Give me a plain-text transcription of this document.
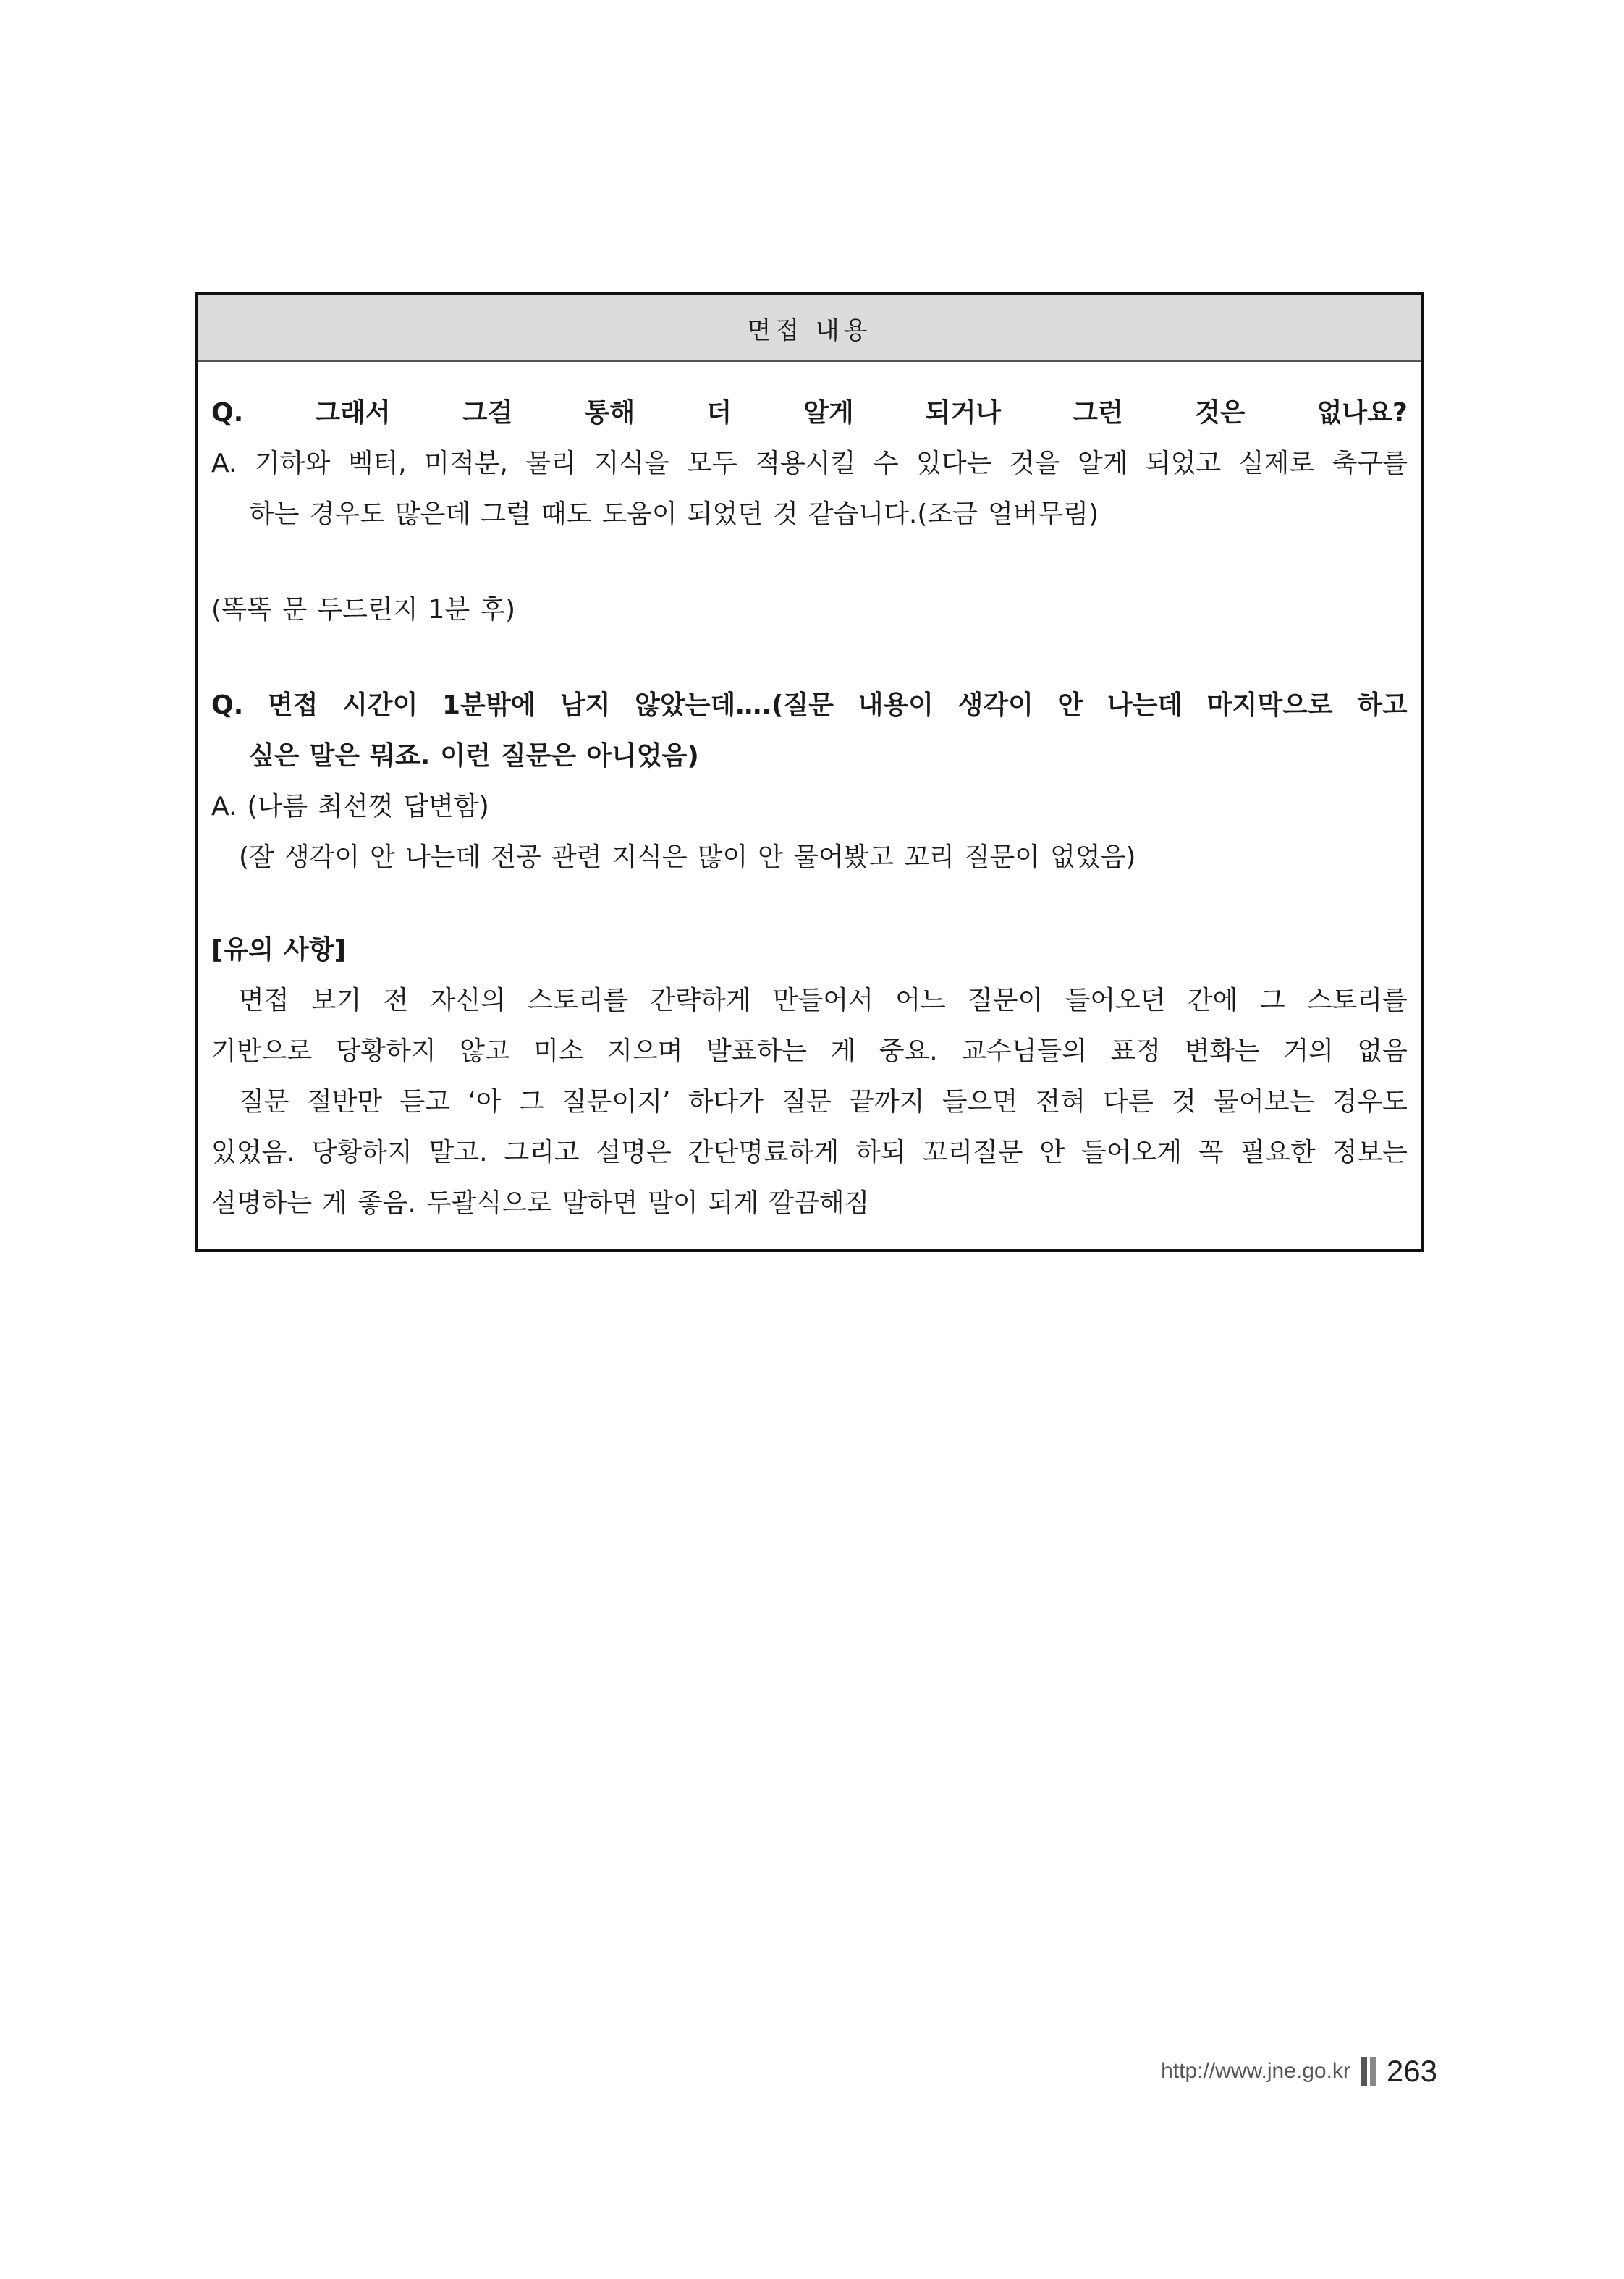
면접 내용
Q.	그래서	그걸	통해	더	알게	되거나	그런	것은	없나요?
A. 기하와 벡터, 미적분, 물리 지식을 모두 적용시킬 수 있다는 것을 알게 되었고 실제로 축구를
하는 경우도 많은데 그럴 때도 도움이 되었던 것 같습니다.(조금 얼버무림)
(똑똑 문 두드린지 1분 후)
Q. 면접 시간이 1분밖에 남지 않았는데….(질문 내용이 생각이 안 나는데 마지막으로 하고
싶은 말은 뭐죠. 이런 질문은 아니었음)
A. (나름 최선껏 답변함)
(잘 생각이 안 나는데 전공 관련 지식은 많이 안 물어봤고 꼬리 질문이 없었음)
[유의 사항]
면접 보기 전 자신의 스토리를 간략하게 만들어서 어느 질문이 들어오던 간에 그 스토리를
기반으로 당황하지 않고 미소 지으며 발표하는 게 중요. 교수님들의 표정 변화는 거의 없음
질문 절반만 듣고 ‘아 그 질문이지’ 하다가 질문 끝까지 들으면 전혀 다른 것 물어보는 경우도
있었음. 당황하지 말고. 그리고 설명은 간단명료하게 하되 꼬리질문 안 들어오게 꼭 필요한 정보는
설명하는 게 좋음. 두괄식으로 말하면 말이 되게 깔끔해짐
http://www.jne.go.kr 263
